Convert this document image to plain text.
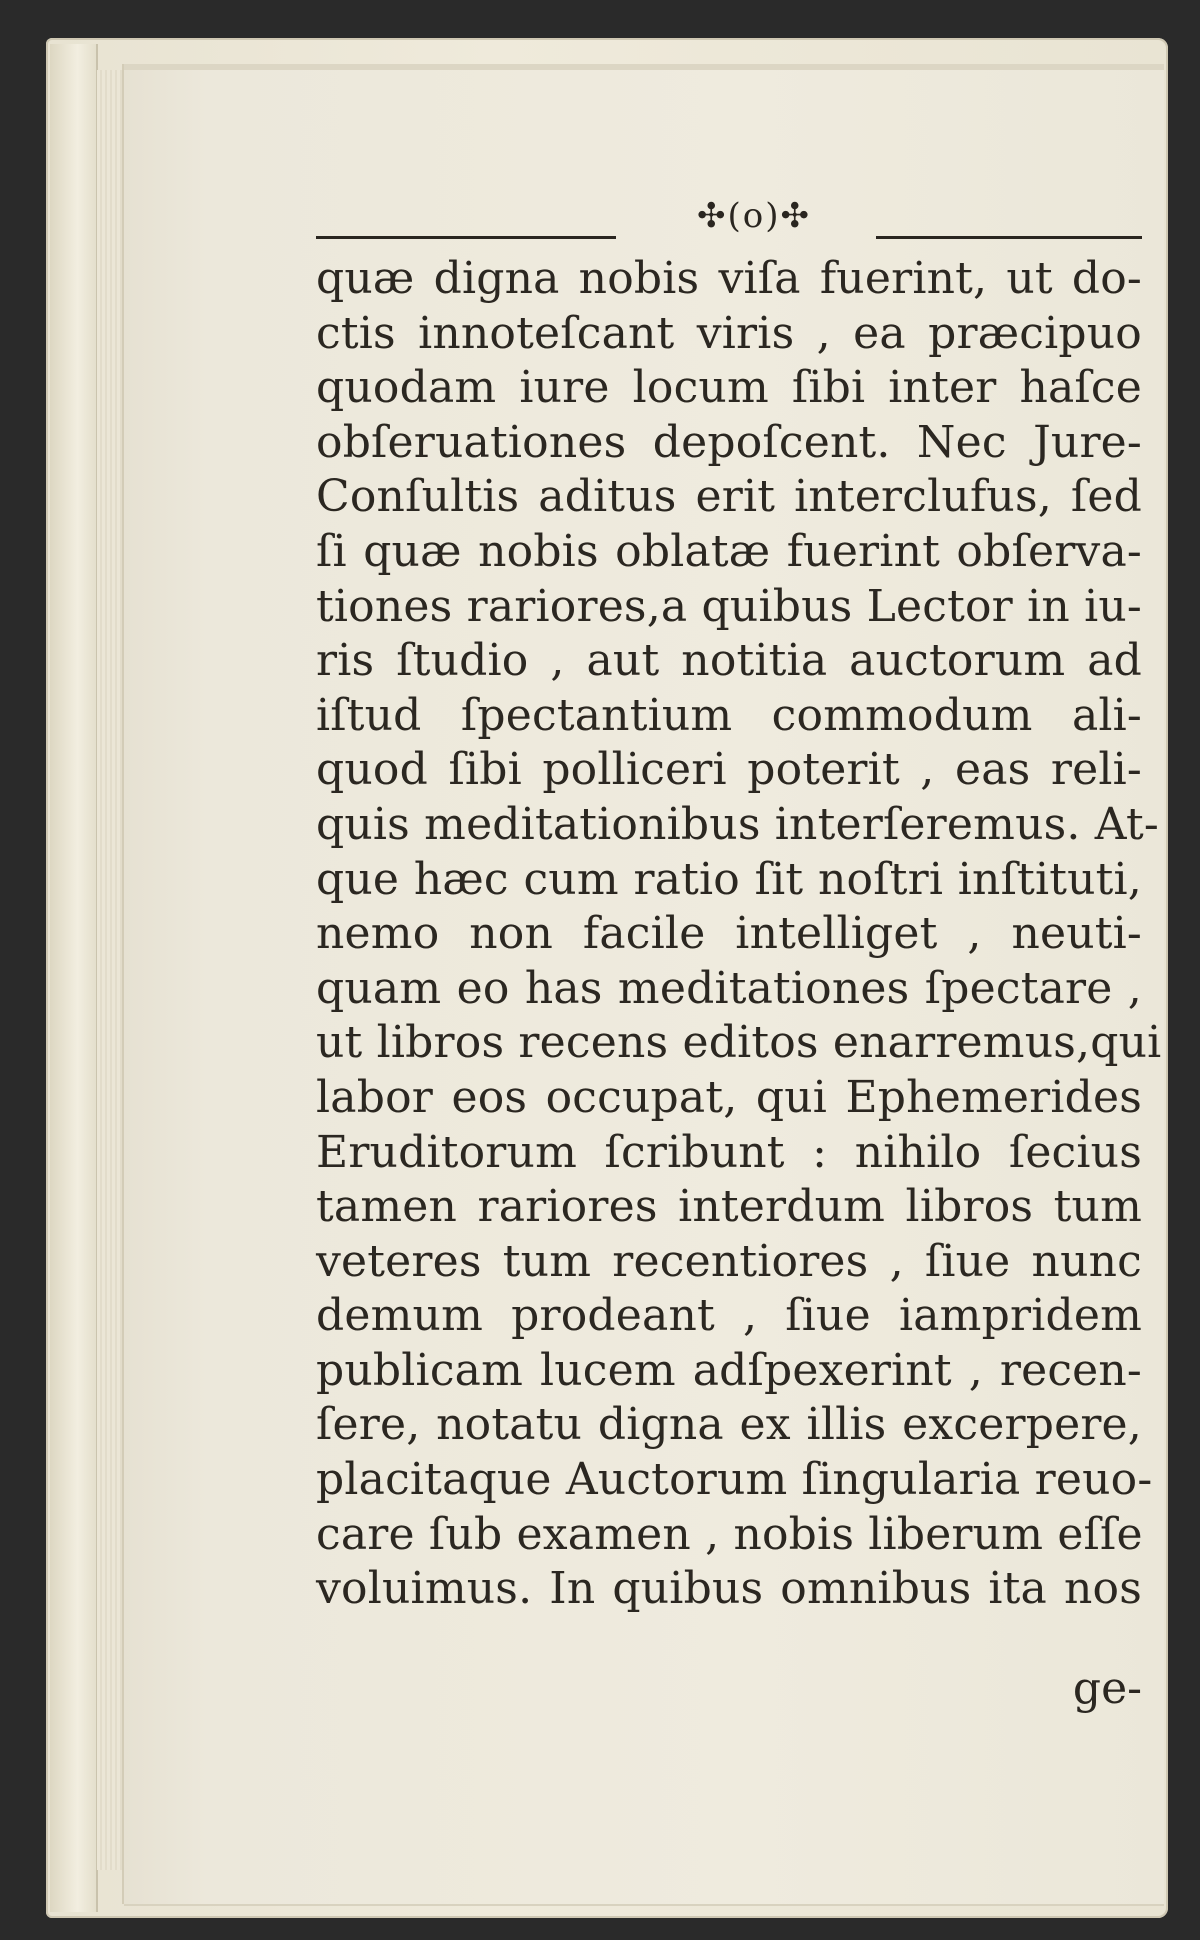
✣(o)✣
quæ digna nobis viſa fuerint, ut do-
ctis innoteſcant viris , ea præcipuo
quodam iure locum ſibi inter haſce
obſeruationes depoſcent. Nec Jure-
Conſultis aditus erit interclufus, ſed
ſi quæ nobis oblatæ fuerint obſerva-
tiones rariores,a quibus Lector in iu-
ris ſtudio , aut notitia auctorum ad
iſtud ſpectantium commodum ali-
quod ſibi polliceri poterit , eas reli-
quis meditationibus interſeremus. At-
que hæc cum ratio ſit noſtri inſtituti,
nemo non facile intelliget , neuti-
quam eo has meditationes ſpectare ,
ut libros recens editos enarremus,qui
labor eos occupat, qui Ephemerides
Eruditorum ſcribunt : nihilo ſecius
tamen rariores interdum libros tum
veteres tum recentiores , ſiue nunc
demum prodeant , ſiue iampridem
publicam lucem adſpexerint , recen-
ſere, notatu digna ex illis excerpere,
placitaque Auctorum ſingularia reuo-
care ſub examen , nobis liberum eſſe
voluimus. In quibus omnibus ita nos
ge-
